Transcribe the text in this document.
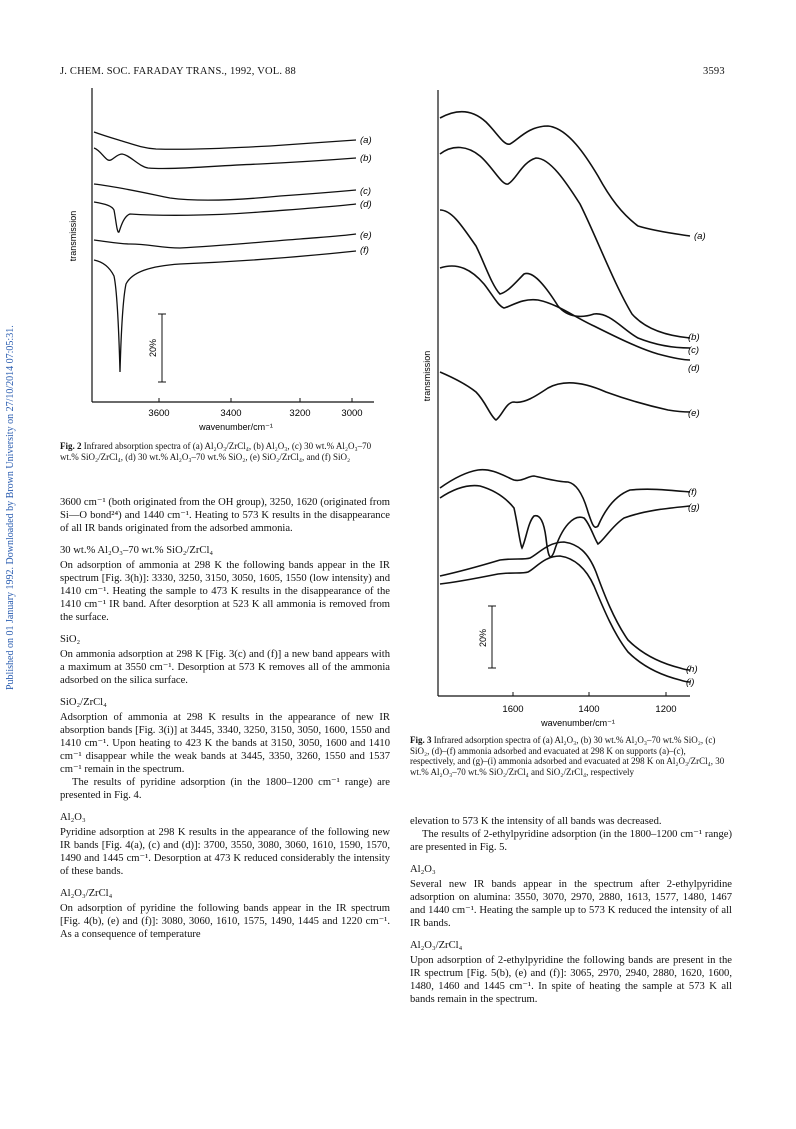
Published on 01 January 1992. Downloaded by Brown University on 27/10/2014 07:05:31.
J. CHEM. SOC. FARADAY TRANS., 1992, VOL. 88	3593
3600	3400	3200	3000
wavenumber/cm⁻¹
transmission
20%
(a)
(b)
(c)
(d)
(e)
(f)
Fig. 2 Infrared absorption spectra of (a) Al₂O₃/ZrCl₄, (b) Al₂O₃, (c) 30 wt.% Al₂O₃–70 wt.% SiO₂/ZrCl₄, (d) 30 wt.% Al₂O₃–70 wt.% SiO₂, (e) SiO₂/ZrCl₄, and (f) SiO₂
1600	1400	1200
wavenumber/cm⁻¹
transmission
20%
(a)
(b)
(c)
(d)
(e)
(f)
(g)
(h)
(i)
Fig. 3 Infrared adsorption spectra of (a) Al₂O₃, (b) 30 wt.% Al₂O₃–70 wt.% SiO₂, (c) SiO₂, (d)–(f) ammonia adsorbed and evacuated at 298 K on supports (a)–(c), respectively, and (g)–(i) ammonia adsorbed and evacuated at 298 K on Al₂O₃/ZrCl₄, 30 wt.% Al₂O₃–70 wt.% SiO₂/ZrCl₄ and SiO₂/ZrCl₄, respectively

3600 cm⁻¹ (both originated from the OH group), 3250, 1620 (originated from Si—O bond²⁴) and 1440 cm⁻¹. Heating to 573 K results in the disappearance of all IR bands originated from the adsorbed ammonia.

30 wt.% Al₂O₃–70 wt.% SiO₂/ZrCl₄

On adsorption of ammonia at 298 K the following bands appear in the IR spectrum [Fig. 3(h)]: 3330, 3250, 3150, 3050, 1605, 1550 (low intensity) and 1410 cm⁻¹. Heating the sample to 473 K results in the disappearance of the 1410 cm⁻¹ IR band. After desorption at 523 K all ammonia is removed from the surface.

SiO₂

On ammonia adsorption at 298 K [Fig. 3(c) and (f)] a new band appears with a maximum at 3550 cm⁻¹. Desorption at 573 K removes all of the ammonia adsorbed on the silica surface.

SiO₂/ZrCl₄

Adsorption of ammonia at 298 K results in the appearance of new IR absorption bands [Fig. 3(i)] at 3445, 3340, 3250, 3150, 3050, 1600, 1550 and 1410 cm⁻¹. Upon heating to 423 K the bands at 3150, 3050, 1600 and 1410 cm⁻¹ disappear while the weak bands at 3445, 3350, 3260, 1550 and 1537 cm⁻¹ remain in the spectrum.

The results of pyridine adsorption (in the 1800–1200 cm⁻¹ range) are presented in Fig. 4.

Al₂O₃

Pyridine adsorption at 298 K results in the appearance of the following new IR bands [Fig. 4(a), (c) and (d)]: 3700, 3550, 3080, 3060, 1610, 1590, 1570, 1490 and 1445 cm⁻¹. Desorption at 473 K reduced considerably the intensity of these bands.

Al₂O₃/ZrCl₄

On adsorption of pyridine the following bands appear in the IR spectrum [Fig. 4(b), (e) and (f)]: 3080, 3060, 1610, 1575, 1490, 1445 and 1220 cm⁻¹. As a consequence of temperature

elevation to 573 K the intensity of all bands was decreased.

The results of 2-ethylpyridine adsorption (in the 1800–1200 cm⁻¹ range) are presented in Fig. 5.

Al₂O₃

Several new IR bands appear in the spectrum after 2-ethylpyridine adsorption on alumina: 3550, 3070, 2970, 2880, 1613, 1577, 1480, 1467 and 1440 cm⁻¹. Heating the sample up to 573 K reduced the intensity of all IR bands.

Al₂O₃/ZrCl₄

Upon adsorption of 2-ethylpyridine the following bands are present in the IR spectrum [Fig. 5(b), (e) and (f)]: 3065, 2970, 2940, 2880, 1620, 1600, 1480, 1460 and 1445 cm⁻¹. In spite of heating the sample at 573 K all bands remain in the spectrum.
